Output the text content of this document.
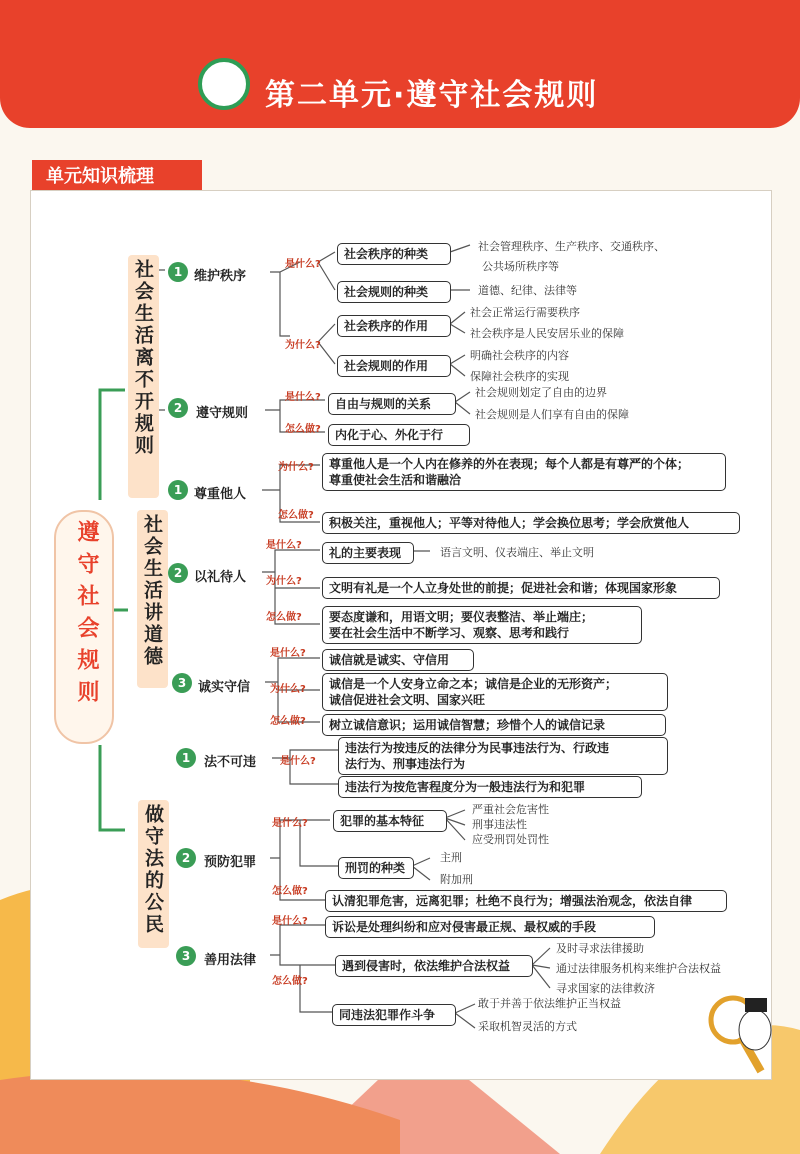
第二单元·遵守社会规则
单元知识梳理
遵守社会规则
社会生活离不开规则
社会生活讲道德
做守法的公民
1 维护秩序
是什么?
社会秩序的种类
社会管理秩序、生产秩序、交通秩序、
公共场所秩序等
社会规则的种类	道德、纪律、法律等
为什么?
社会秩序的作用
社会正常运行需要秩序
社会秩序是人民安居乐业的保障
社会规则的作用
明确社会秩序的内容
保障社会秩序的实现
2	遵守规则
是什么?	自由与规则的关系
社会规则划定了自由的边界
社会规则是人们享有自由的保障
怎么做?	内化于心、外化于行
1 尊重他人
为什么? 尊重他人是一个人内在修养的外在表现；每个人都是有尊严的个体；
尊重使社会生活和谐融洽
怎么做?
积极关注，重视他人；平等对待他人；学会换位思考；学会欣赏他人
2 以礼待人
是什么?
礼的主要表现	语言文明、仪表端庄、举止文明
为什么?	文明有礼是一个人立身处世的前提；促进社会和谐；体现国家形象
怎么做? 要态度谦和，用语文明；要仪表整洁、举止端庄；
要在社会生活中不断学习、观察、思考和践行
3 诚实守信
是什么?	诚信就是诚实、守信用
为什么? 诚信是一个人安身立命之本；诚信是企业的无形资产；
诚信促进社会文明、国家兴旺
怎么做?	树立诚信意识；运用诚信智慧；珍惜个人的诚信记录
1	法不可违 是什么?
违法行为按违反的法律分为民事违法行为、行政违
法行为、刑事违法行为
违法行为按危害程度分为一般违法行为和犯罪
2	预防犯罪
是什么?	犯罪的基本特征
严重社会危害性
刑事违法性
应受刑罚处罚性
刑罚的种类
主刑
附加刑
怎么做?
认清犯罪危害，远离犯罪；杜绝不良行为；增强法治观念，依法自律
3	善用法律
是什么?	诉讼是处理纠纷和应对侵害最正规、最权威的手段
怎么做?
遇到侵害时，依法维护合法权益
及时寻求法律援助
通过法律服务机构来维护合法权益
寻求国家的法律救济
同违法犯罪作斗争
敢于并善于依法维护正当权益
采取机智灵活的方式
